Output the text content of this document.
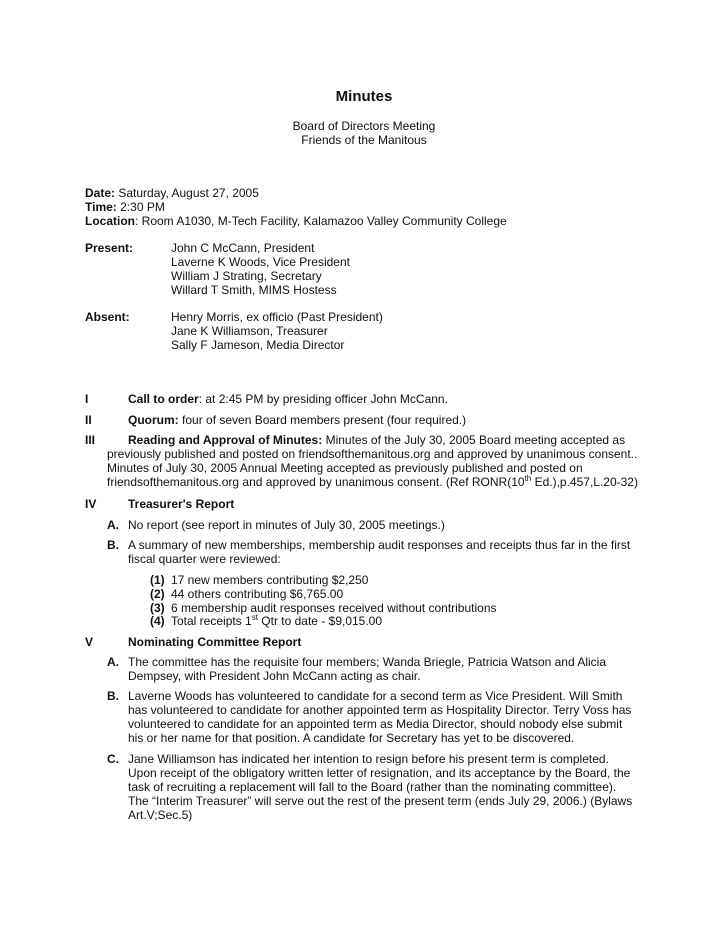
Minutes
Board of Directors Meeting
Friends of the Manitous
Date: Saturday, August 27, 2005
Time: 2:30 PM
Location: Room A1030, M-Tech Facility, Kalamazoo Valley Community College
Present:	John C McCann, President
Laverne K Woods, Vice President
William J Strating, Secretary
Willard T Smith, MIMS Hostess
Absent:	Henry Morris, ex officio (Past President)
Jane K Williamson, Treasurer
Sally F Jameson, Media Director
I	Call to order: at 2:45 PM by presiding officer John McCann.
II	Quorum: four of seven Board members present (four required.)
III	Reading and Approval of Minutes: Minutes of the July 30, 2005 Board meeting accepted as previously published and posted on friendsofthemanitous.org and approved by unanimous consent.. Minutes of July 30, 2005 Annual Meeting accepted as previously published and posted on friendsofthemanitous.org and approved by unanimous consent. (Ref RONR(10th Ed.),p.457,L.20-32)
IV	Treasurer's Report
A. No report (see report in minutes of July 30, 2005 meetings.)
B. A summary of new memberships, membership audit responses and receipts thus far in the first fiscal quarter were reviewed:
(1) 17 new members contributing $2,250
(2) 44 others contributing $6,765.00
(3) 6 membership audit responses received without contributions
(4) Total receipts 1st Qtr to date - $9,015.00
V	Nominating Committee Report
A. The committee has the requisite four members; Wanda Briegle, Patricia Watson and Alicia Dempsey, with President John McCann acting as chair.
B. Laverne Woods has volunteered to candidate for a second term as Vice President. Will Smith has volunteered to candidate for another appointed term as Hospitality Director. Terry Voss has volunteered to candidate for an appointed term as Media Director, should nobody else submit his or her name for that position. A candidate for Secretary has yet to be discovered.
C. Jane Williamson has indicated her intention to resign before his present term is completed. Upon receipt of the obligatory written letter of resignation, and its acceptance by the Board, the task of recruiting a replacement will fall to the Board (rather than the nominating committee). The “Interim Treasurer” will serve out the rest of the present term (ends July 29, 2006.) (Bylaws Art.V;Sec.5)
